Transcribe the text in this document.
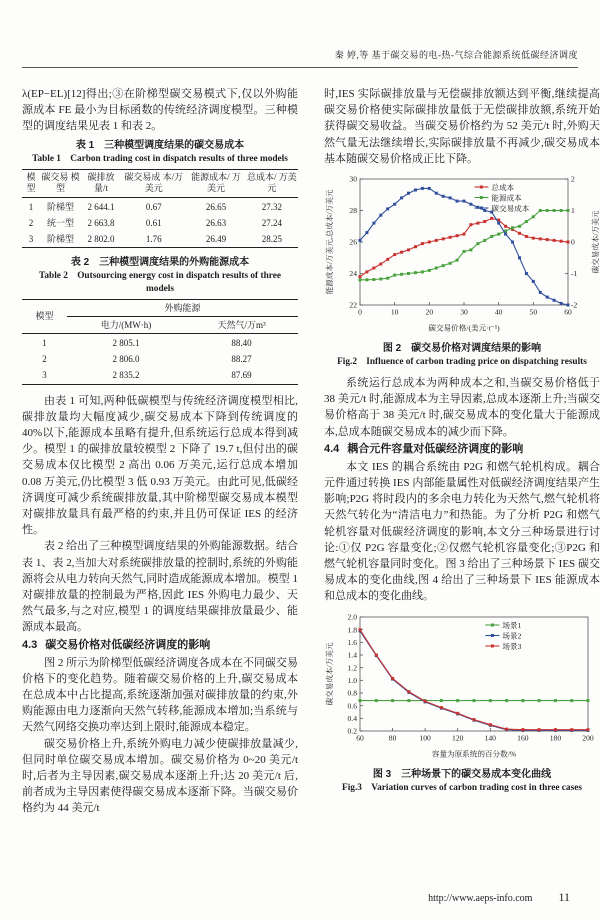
秦 婷,等 基于碳交易的电-热-气综合能源系统低碳经济调度

λ(EP−EL)[12]得出;③在阶梯型碳交易模式下,仅以外购能源成本 FE 最小为目标函数的传统经济调度模型。三种模型的调度结果见表 1 和表 2。

表 1　三种模型调度结果的碳交易成本
Table 1　Carbon trading cost in dispatch results of three models
模型	碳交易 模型	碳排放 量/t	碳交易成 本/万美元	能源成本/ 万美元	总成本/ 万美元
1	阶梯型	2 644.1	0.67	26.65	27.32
2	统一型	2 663.8	0.61	26.63	27.24
3	阶梯型	2 802.0	1.76	26.49	28.25
表 2　三种模型调度结果的外购能源成本
Table 2　Outsourcing energy cost in dispatch results of three models
模型	外购能源	
	电力/(MW·h)	天然气/万m³
1	2 805.1	88.40
2	2 806.0	88.27
3	2 835.2	87.69

由表 1 可知,两种低碳模型与传统经济调度模型相比,碳排放量均大幅度减少,碳交易成本下降到传统调度的 40%以下,能源成本虽略有提升,但系统运行总成本得到减少。模型 1 的碳排放量较模型 2 下降了 19.7 t,但付出的碳交易成本仅比模型 2 高出 0.06 万美元,运行总成本增加 0.08 万美元,仍比模型 3 低 0.93 万美元。由此可见,低碳经济调度可减少系统碳排放量,其中阶梯型碳交易成本模型对碳排放量具有最严格的约束,并且仍可保证 IES 的经济性。

表 2 给出了三种模型调度结果的外购能源数据。结合表 1、表 2,当加大对系统碳排放量的控制时,系统的外购能源将会从电力转向天然气,同时造成能源成本增加。模型 1 对碳排放量的控制最为严格,因此 IES 外购电力最少、天然气最多,与之对应,模型 1 的调度结果碳排放量最少、能源成本最高。

4.3 碳交易价格对低碳经济调度的影响

图 2 所示为阶梯型低碳经济调度各成本在不同碳交易价格下的变化趋势。随着碳交易价格的上升,碳交易成本在总成本中占比提高,系统逐渐加强对碳排放量的约束,外购能源由电力逐渐向天然气转移,能源成本增加;当系统与天然气网络交换功率达到上限时,能源成本稳定。

碳交易价格上升,系统外购电力减少使碳排放量减少,但同时单位碳交易成本增加。碳交易价格为 0~20 美元/t 时,后者为主导因素,碳交易成本逐渐上升;达 20 美元/t 后,前者成为主导因素使得碳交易成本逐渐下降。当碳交易价格约为 44 美元/t

时,IES 实际碳排放量与无偿碳排放额达到平衡,继续提高碳交易价格使实际碳排放量低于无偿碳排放额,系统开始获得碳交易收益。当碳交易价格约为 52 美元/t 时,外购天然气量无法继续增长,实际碳排放量不再减少,碳交易成本基本随碳交易价格成正比下降。

0	10	20	30	40	50	60
22
24
26
28
30
-2
-1
0
1
2
碳交易价格/(美元·t⁻¹)
能源成本/万美元,总成本/万美元	碳交易成本/万美元
总成本
能源成本
碳交易成本
图 2　碳交易价格对调度结果的影响
Fig.2　Influence of carbon trading price on dispatching results

系统运行总成本为两种成本之和,当碳交易价格低于 38 美元/t 时,能源成本为主导因素,总成本逐渐上升;当碳交易价格高于 38 美元/t 时,碳交易成本的变化量大于能源成本,总成本随碳交易成本的减少而下降。

4.4 耦合元件容量对低碳经济调度的影响

本文 IES 的耦合系统由 P2G 和燃气轮机构成。耦合元件通过转换 IES 内部能量属性对低碳经济调度结果产生影响;P2G 将时段内的多余电力转化为天然气,燃气轮机将天然气转化为“清洁电力”和热能。为了分析 P2G 和燃气轮机容量对低碳经济调度的影响,本文分三种场景进行讨论:①仅 P2G 容量变化;②仅燃气轮机容量变化;③P2G 和燃气轮机容量同时变化。图 3 给出了三种场景下 IES 碳交易成本的变化曲线,图 4 给出了三种场景下 IES 能源成本和总成本的变化曲线。

60	80	100	120	140	160	180	200
0.2
0.4
0.6
0.8
1.0
1.2
1.4
1.6
1.8
2.0
容量为原系统的百分数/%
碳交易成本/万美元
场景1
场景2
场景3
图 3　三种场景下的碳交易成本变化曲线
Fig.3　Variation curves of carbon trading cost in three cases
http://www.aeps-info.com 11
